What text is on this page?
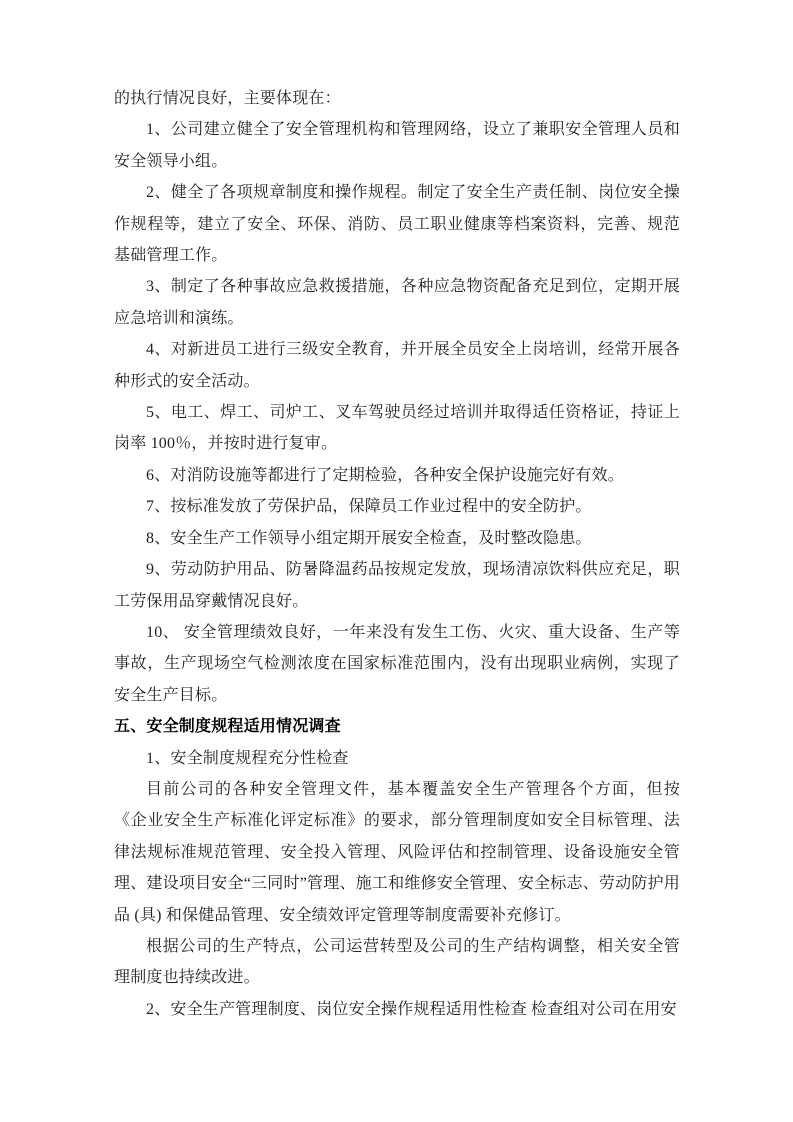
的执行情况良好，主要体现在：

1、公司建立健全了安全管理机构和管理网络，设立了兼职安全管理人员和安全领导小组。

2、健全了各项规章制度和操作规程。制定了安全生产责任制、岗位安全操作规程等，建立了安全、环保、消防、员工职业健康等档案资料，完善、规范基础管理工作。

3、制定了各种事故应急救援措施，各种应急物资配备充足到位，定期开展应急培训和演练。

4、对新进员工进行三级安全教育，并开展全员安全上岗培训，经常开展各种形式的安全活动。

5、电工、焊工、司炉工、叉车驾驶员经过培训并取得适任资格证，持证上岗率 100％，并按时进行复审。

6、对消防设施等都进行了定期检验，各种安全保护设施完好有效。

7、按标准发放了劳保护品，保障员工作业过程中的安全防护。

8、安全生产工作领导小组定期开展安全检查，及时整改隐患。

9、劳动防护用品、防暑降温药品按规定发放，现场清凉饮料供应充足，职工劳保用品穿戴情况良好。

10、 安全管理绩效良好，一年来没有发生工伤、火灾、重大设备、生产等事故，生产现场空气检测浓度在国家标准范围内，没有出现职业病例，实现了安全生产目标。

五、安全制度规程适用情况调查

1、安全制度规程充分性检查

目前公司的各种安全管理文件，基本覆盖安全生产管理各个方面，但按《企业安全生产标准化评定标准》的要求，部分管理制度如安全目标管理、法律法规标准规范管理、安全投入管理、风险评估和控制管理、设备设施安全管理、建设项目安全“三同时”管理、施工和维修安全管理、安全标志、劳动防护用品 (具) 和保健品管理、安全绩效评定管理等制度需要补充修订。

根据公司的生产特点，公司运营转型及公司的生产结构调整，相关安全管理制度也持续改进。

2、安全生产管理制度、岗位安全操作规程适用性检查 检查组对公司在用安
